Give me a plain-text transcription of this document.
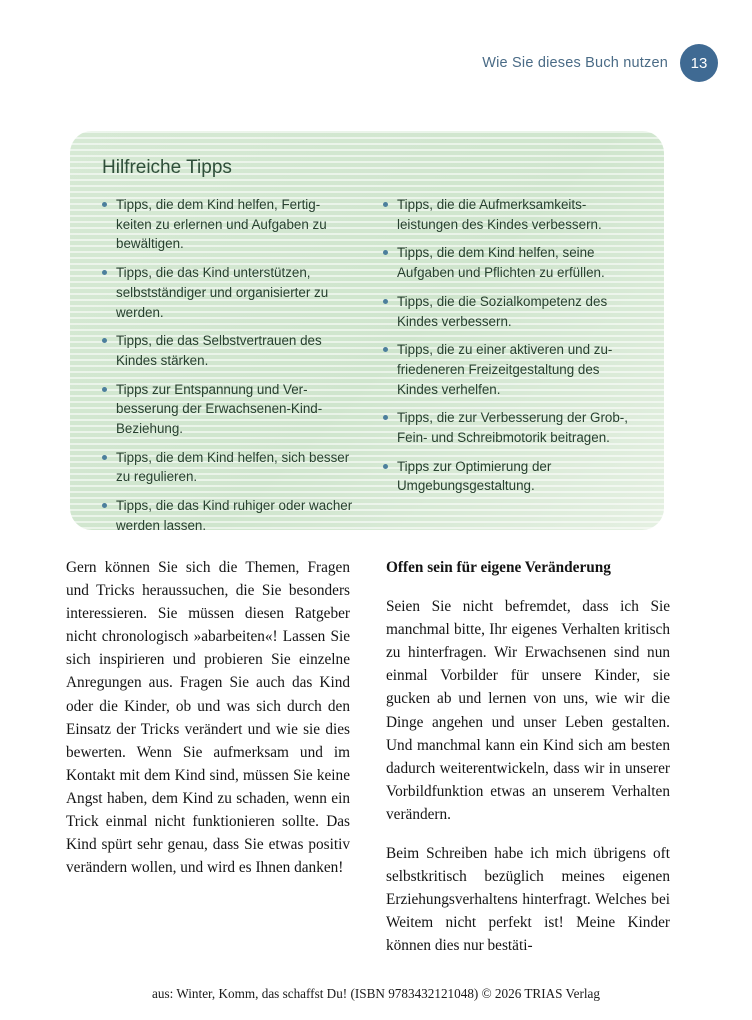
Wie Sie dieses Buch nutzen	13
Hilfreiche Tipps
Tipps, die dem Kind helfen, Fertig-keiten zu erlernen und Aufgaben zu bewältigen.
Tipps, die das Kind unterstützen, selbstständiger und organisierter zu werden.
Tipps, die das Selbstvertrauen des Kindes stärken.
Tipps zur Entspannung und Ver-besserung der Erwachsenen-Kind-Beziehung.
Tipps, die dem Kind helfen, sich besser zu regulieren.
Tipps, die das Kind ruhiger oder wacher werden lassen.
Tipps, die die Aufmerksamkeits-leistungen des Kindes verbessern.
Tipps, die dem Kind helfen, seine Aufgaben und Pflichten zu erfüllen.
Tipps, die die Sozialkompetenz des Kindes verbessern.
Tipps, die zu einer aktiveren und zu-friedeneren Freizeitgestaltung des Kindes verhelfen.
Tipps, die zur Verbesserung der Grob-, Fein- und Schreibmotorik beitragen.
Tipps zur Optimierung der Umgebungsgestaltung.

Gern können Sie sich die Themen, Fragen und Tricks heraussuchen, die Sie besonders interessieren. Sie müssen diesen Ratgeber nicht chronologisch »abarbeiten«! Lassen Sie sich inspirieren und probieren Sie einzelne Anregungen aus. Fragen Sie auch das Kind oder die Kinder, ob und was sich durch den Einsatz der Tricks verändert und wie sie dies bewerten. Wenn Sie aufmerksam und im Kontakt mit dem Kind sind, müssen Sie keine Angst haben, dem Kind zu schaden, wenn ein Trick einmal nicht funktionieren sollte. Das Kind spürt sehr genau, dass Sie etwas positiv verändern wollen, und wird es Ihnen danken!

Offen sein für eigene Veränderung

Seien Sie nicht befremdet, dass ich Sie manchmal bitte, Ihr eigenes Verhalten kritisch zu hinterfragen. Wir Erwachsenen sind nun einmal Vorbilder für unsere Kinder, sie gucken ab und lernen von uns, wie wir die Dinge angehen und unser Leben gestalten. Und manchmal kann ein Kind sich am besten dadurch weiterentwickeln, dass wir in unserer Vorbildfunktion etwas an unserem Verhalten verändern.

Beim Schreiben habe ich mich übrigens oft selbstkritisch bezüglich meines eigenen Erziehungsverhaltens hinterfragt. Welches bei Weitem nicht perfekt ist! Meine Kinder können dies nur bestäti-

aus: Winter, Komm, das schaffst Du! (ISBN 9783432121048) © 2026 TRIAS Verlag
